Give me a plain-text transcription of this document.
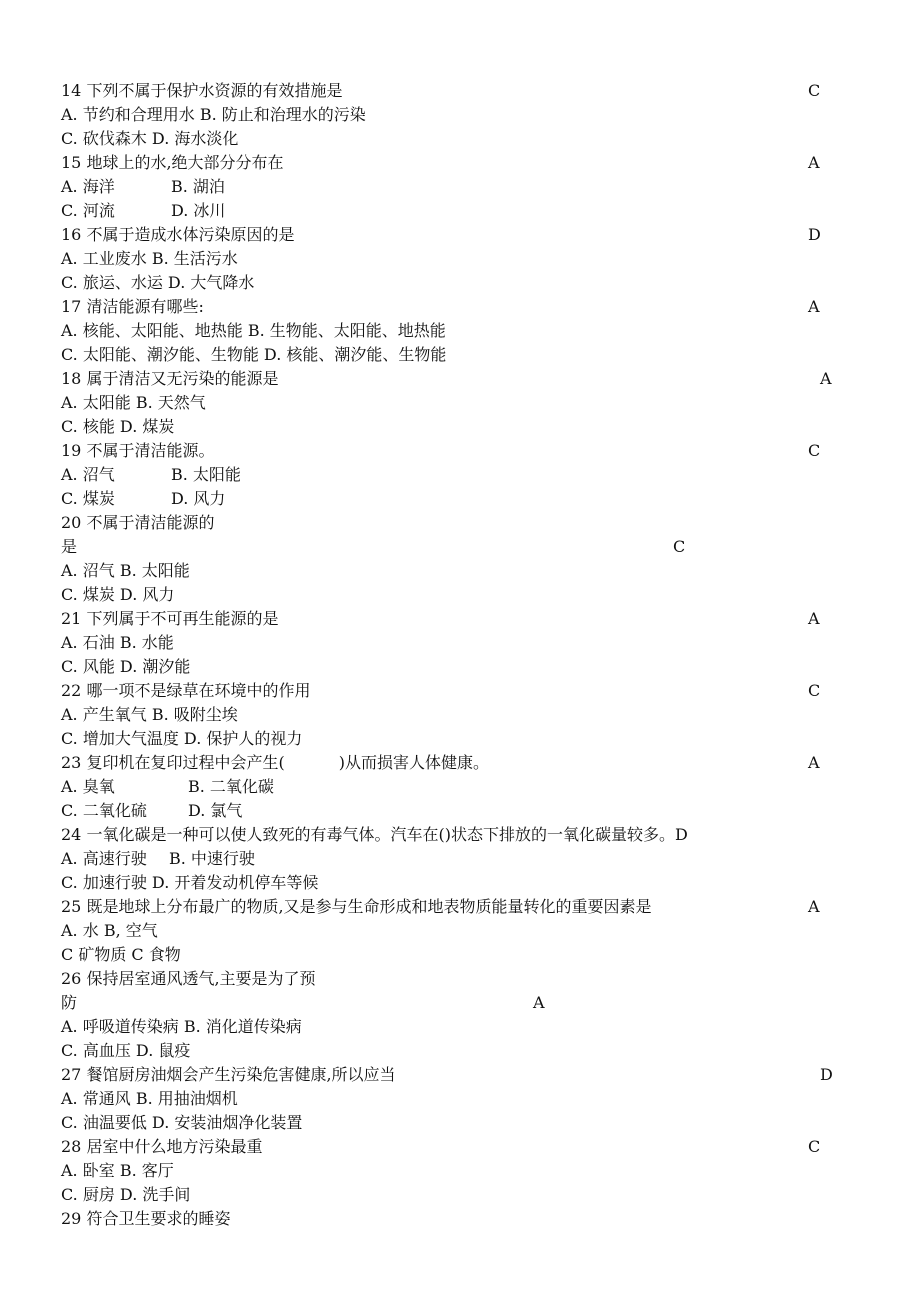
14 下列不属于保护水资源的有效措施是	C
A. 节约和合理用水 B. 防止和治理水的污染
C. 砍伐森木 D. 海水淡化
15 地球上的水,绝大部分分布在	A
A. 海洋	B. 湖泊
C. 河流	D. 冰川
16 不属于造成水体污染原因的是	D
A. 工业废水 B. 生活污水
C. 旅运、水运 D. 大气降水
17 清洁能源有哪些:	A
A. 核能、太阳能、地热能 B. 生物能、太阳能、地热能
C. 太阳能、潮汐能、生物能 D. 核能、潮汐能、生物能
18 属于清洁又无污染的能源是	A
A. 太阳能 B. 天然气
C. 核能 D. 煤炭
19 不属于清洁能源。	C
A. 沼气	B. 太阳能
C. 煤炭	D. 风力
20 不属于清洁能源的
是	C
A. 沼气 B. 太阳能
C. 煤炭 D. 风力
21 下列属于不可再生能源的是	A
A. 石油 B. 水能
C. 风能 D. 潮汐能
22 哪一项不是绿草在环境中的作用	C
A. 产生氧气 B. 吸附尘埃
C. 增加大气温度 D. 保护人的视力
23 复印机在复印过程中会产生(	)从而损害人体健康。	A
A. 臭氧	B. 二氧化碳
C. 二氧化硫	D. 氯气
24 一氧化碳是一种可以使人致死的有毒气体。汽车在()状态下排放的一氧化碳量较多。D
A. 高速行驶 B. 中速行驶
C. 加速行驶 D. 开着发动机停车等候
25 既是地球上分布最广的物质,又是参与生命形成和地表物质能量转化的重要因素是	A
A. 水 B, 空气
C 矿物质 C 食物
26 保持居室通风透气,主要是为了预
防	A
A. 呼吸道传染病 B. 消化道传染病
C. 高血压 D. 鼠疫
27 餐馆厨房油烟会产生污染危害健康,所以应当	D
A. 常通风 B. 用抽油烟机
C. 油温要低 D. 安装油烟净化装置
28 居室中什么地方污染最重	C
A. 卧室 B. 客厅
C. 厨房 D. 洗手间
29 符合卫生要求的睡姿
